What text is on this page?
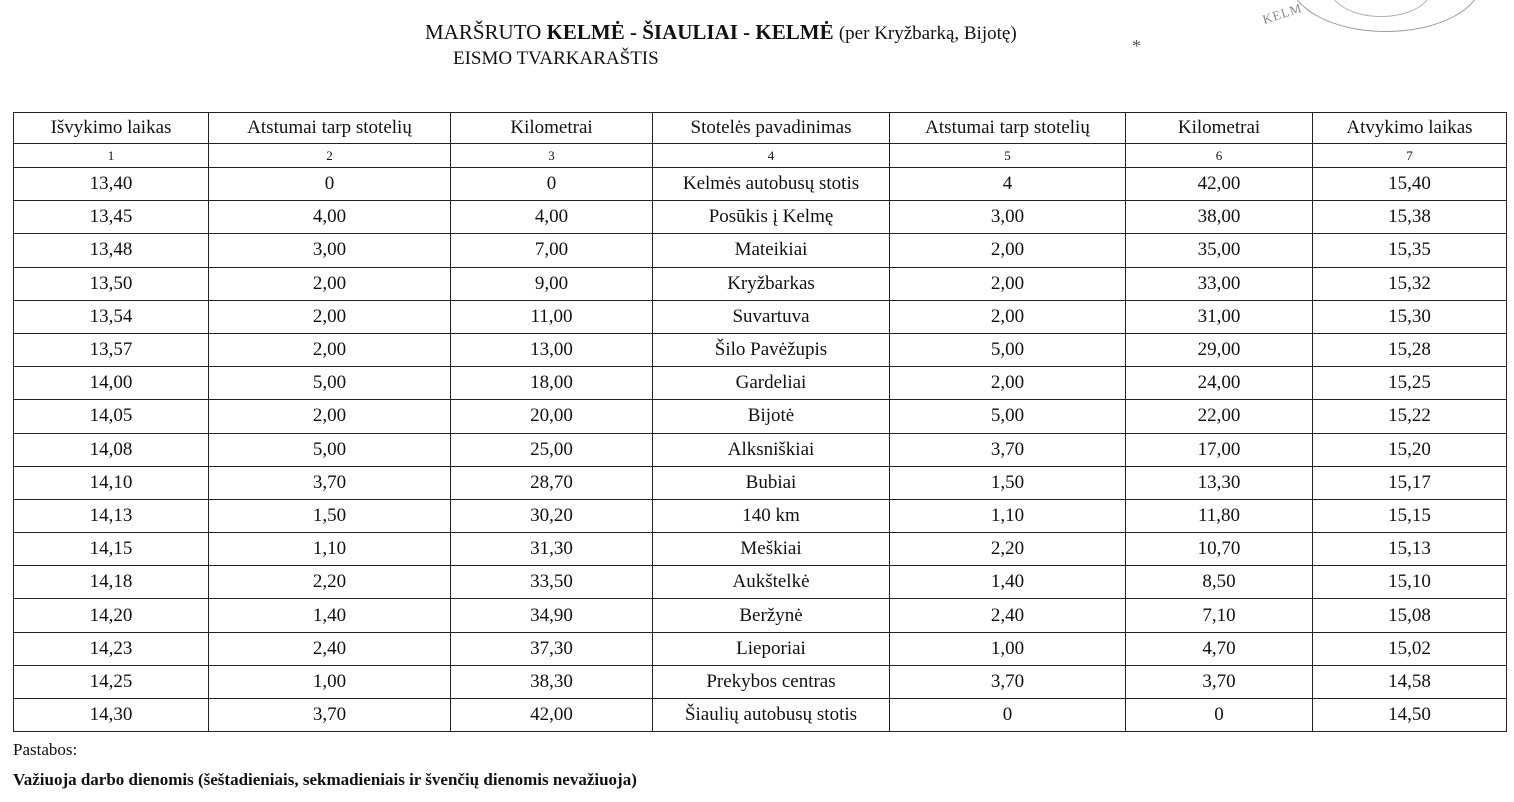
KELM
MARŠRUTO KELMĖ - ŠIAULIAI - KELMĖ (per Kryžbarką, Bijotę)
*
EISMO TVARKARAŠTIS
Išvykimo laikas	Atstumai tarp stotelių	Kilometrai	Stotelės pavadinimas	Atstumai tarp stotelių	Kilometrai	Atvykimo laikas
1	2	3	4	5	6	7
13,40	0	0	Kelmės autobusų stotis	4	42,00	15,40
13,45	4,00	4,00	Posūkis į Kelmę	3,00	38,00	15,38
13,48	3,00	7,00	Mateikiai	2,00	35,00	15,35
13,50	2,00	9,00	Kryžbarkas	2,00	33,00	15,32
13,54	2,00	11,00	Suvartuva	2,00	31,00	15,30
13,57	2,00	13,00	Šilo Pavėžupis	5,00	29,00	15,28
14,00	5,00	18,00	Gardeliai	2,00	24,00	15,25
14,05	2,00	20,00	Bijotė	5,00	22,00	15,22
14,08	5,00	25,00	Alksniškiai	3,70	17,00	15,20
14,10	3,70	28,70	Bubiai	1,50	13,30	15,17
14,13	1,50	30,20	140 km	1,10	11,80	15,15
14,15	1,10	31,30	Meškiai	2,20	10,70	15,13
14,18	2,20	33,50	Aukštelkė	1,40	8,50	15,10
14,20	1,40	34,90	Beržynė	2,40	7,10	15,08
14,23	2,40	37,30	Lieporiai	1,00	4,70	15,02
14,25	1,00	38,30	Prekybos centras	3,70	3,70	14,58
14,30	3,70	42,00	Šiaulių autobusų stotis	0	0	14,50
Pastabos:
Važiuoja darbo dienomis (šeštadieniais, sekmadieniais ir švenčių dienomis nevažiuoja)
